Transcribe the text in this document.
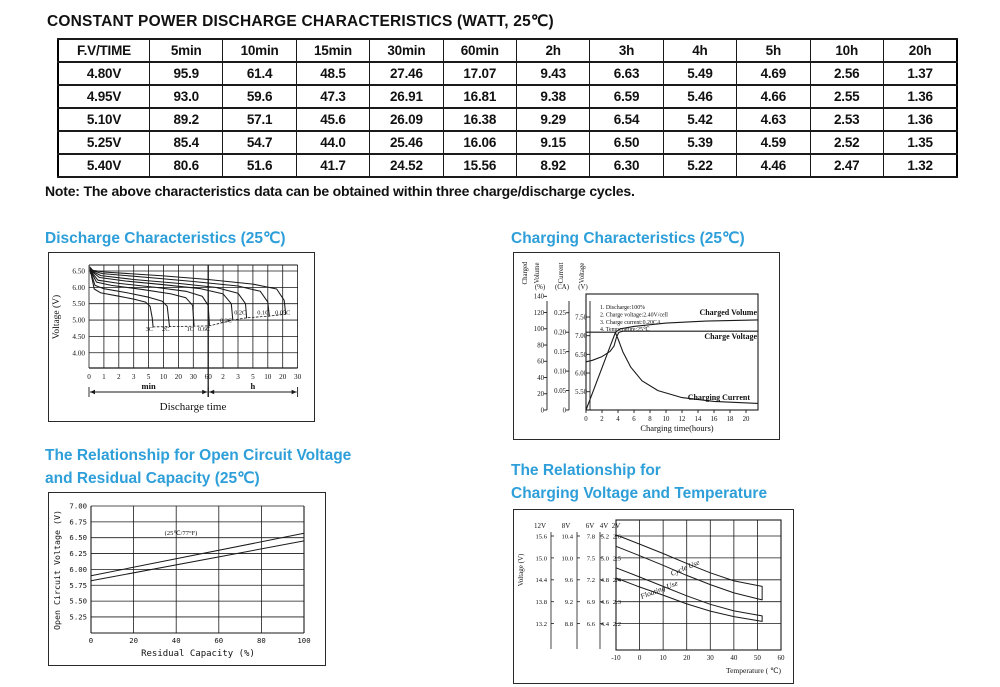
CONSTANT POWER DISCHARGE CHARACTERISTICS (WATT, 25℃)
F.V/TIME	5min	10min	15min	30min	60min	2h	3h	4h	5h	10h	20h
4.80V	95.9	61.4	48.5	27.46	17.07	9.43	6.63	5.49	4.69	2.56	1.37
4.95V	93.0	59.6	47.3	26.91	16.81	9.38	6.59	5.46	4.66	2.55	1.36
5.10V	89.2	57.1	45.6	26.09	16.38	9.29	6.54	5.42	4.63	2.53	1.36
5.25V	85.4	54.7	44.0	25.46	16.06	9.15	6.50	5.39	4.59	2.52	1.35
5.40V	80.6	51.6	41.7	24.52	15.56	8.92	6.30	5.22	4.46	2.47	1.32
Note: The above characteristics data can be obtained within three charge/discharge cycles.
Discharge Characteristics (25℃)
6.50
6.00
5.50
5.00
4.50
4.00
0 1 2 3 5 10 20 30 60 2 3 5 10 20 30
Voltage (V)
Discharge time
min	h
3C 2C	1C 0.6C
0.3C
0.2C 0.1C 0.05C
Charging Characteristics (25℃)
Charged Volume
(%)
0
20
40
60
80
100
120
140
Current
(CA)
0
0.05
0.10
0.15
0.20
0.25
Voltage
(V)
5.50
6.00
6.50
7.00
7.50
0 2 4 6 8 10 12 14 16 18 20
Charging time(hours)
1. Discharge:100%
2. Charge voltage:2.40V/cell
3. Charge current:0.20CA
4. Temperature:25℃
Charged Volume
Charge Voltage
Charging Current
The Relationship for Open Circuit Voltage
and Residual Capacity (25℃)
7.00
6.75
6.50
6.25
6.00
5.75
5.50
5.25
0	20	40	60	80	100
Open Circuit Voltage (V)
Residual Capacity (%)
(25℃/77°F)
The Relationship for
Charging Voltage and Temperature
12V
15.6
15.0
14.4
13.8
13.2
8V
10.4
10.0
9.6
9.2
8.8
6V
7.8
7.5
7.2
6.9
6.6
4V
5.2
5.0
4.8
4.6
4.4
2V
2.6
2.5
2.4
2.3
2.2
Voltage (V)
-10 0	10 20 30 40 50 60
Temperature ( ℃)
Cycle Use
Floating Use
